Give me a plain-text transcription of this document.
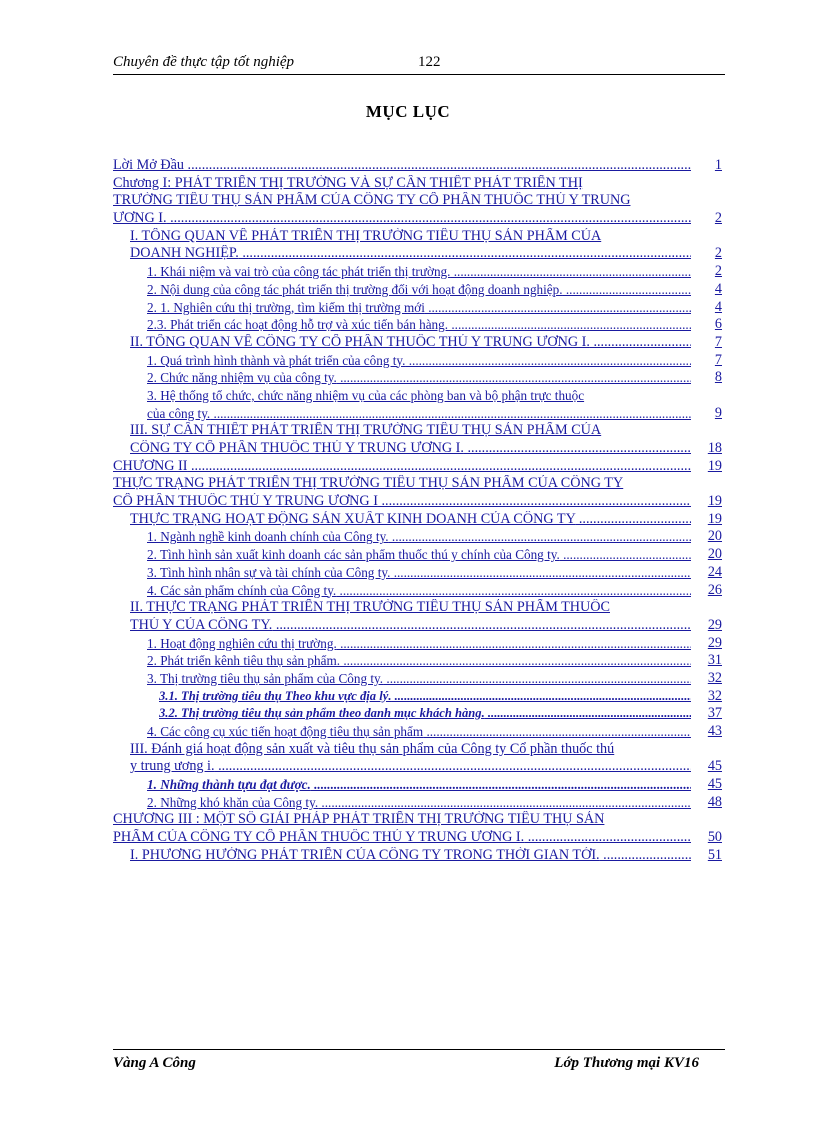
Chuyên đề thực tập tốt nghiệp	122
MỤC LỤC
Lời Mở Đầu .....	1
Chương I: PHÁT TRIỂN THỊ TRƯỜNG VÀ SỰ CẦN THIẾT PHÁT TRIỂN THỊ
TRƯỜNG TIÊU THỤ SẢN PHẨM CỦA CÔNG TY CỔ PHẦN THUỐC THÚ Y TRUNG
ƯƠNG I. .....	2
I. TỔNG QUAN VỀ PHÁT TRIỂN THỊ TRƯỜNG TIÊU THỤ SẢN PHẨM CỦA
DOANH NGHIỆP. .....	2
1. Khái niệm và vai trò của công tác phát triển thị trường. .....	2
2. Nội dung của công tác phát triển thị trường đối với hoạt động doanh nghiệp. .....	4
2. 1. Nghiên cứu thị trường, tìm kiếm thị trường mới .....	4
2.3. Phát triển các hoạt động hỗ trợ và xúc tiến bán hàng. .....	6
II. TỔNG QUAN VỀ CÔNG TY CỔ PHẦN THUỐC THÚ Y TRUNG ƯƠNG I. .....	7
1. Quá trình hình thành và phát triển của công ty. .....	7
2. Chức năng nhiệm vụ của công ty. .....	8
3. Hệ thống tổ chức, chức năng nhiệm vụ của các phòng ban và bộ phận trực thuộc
của công ty. .....	9
III. SỰ CẦN THIẾT PHÁT TRIỂN THỊ TRƯỜNG TIÊU THỤ SẢN PHẨM CỦA
CÔNG TY CỔ PHẦN THUỐC THÚ Y TRUNG ƯƠNG I. .....	18
CHƯƠNG II .....	19
THỰC TRẠNG PHÁT TRIỂN THỊ TRƯỜNG TIÊU THỤ SẢN PHẨM CỦA CÔNG TY
CỔ PHẦN THUỐC THÚ Y TRUNG ƯƠNG I .....	19
THỰC TRẠNG HOẠT ĐỘNG SẢN XUẤT KINH DOANH CỦA CÔNG TY .....	19
1. Ngành nghề kinh doanh chính của Công ty. .....	20
2. Tình hình sản xuất kinh doanh các sản phẩm thuốc thú y chính của Công ty. .....	20
3. Tình hình nhân sự và tài chính của Công ty. .....	24
4. Các sản phẩm chính của Công ty. .....	26
II. THỰC TRẠNG PHÁT TRIỂN THỊ TRƯỜNG TIÊU THỤ SẢN PHẨM THUỐC
THÚ Y CỦA CÔNG TY. .....	29
1. Hoạt động nghiên cứu thị trường. .....	29
2. Phát triển kênh tiêu thụ sản phẩm. .....	31
3. Thị trường tiêu thụ sản phẩm của Công ty. .....	32
3.1. Thị trường tiêu thụ Theo khu vực địa lý. .....	32
3.2. Thị trường tiêu thụ sản phẩm theo danh mục khách hàng. .....	37
4. Các công cụ xúc tiến hoạt động tiêu thụ sản phẩm .....	43
III. Đánh giá hoạt động sản xuất và tiêu thụ sản phẩm của Công ty Cổ phần thuốc thú
y trung ương i. .....	45
1. Những thành tựu đạt được. .....	45
2. Những khó khăn của Công ty. .....	48
CHƯƠNG III : MỘT SỐ GIẢI PHÁP PHÁT TRIỂN THỊ TRƯỜNG TIÊU THỤ SẢN
PHẨM CỦA CÔNG TY CỔ PHẦN THUỐC THÚ Y TRUNG ƯƠNG I. .....	50
I. PHƯƠNG HƯỚNG PHÁT TRIỂN CỦA CÔNG TY TRONG THỜI GIAN TỚI. .....	51
Vàng A Công	Lớp Thương mại KV16
